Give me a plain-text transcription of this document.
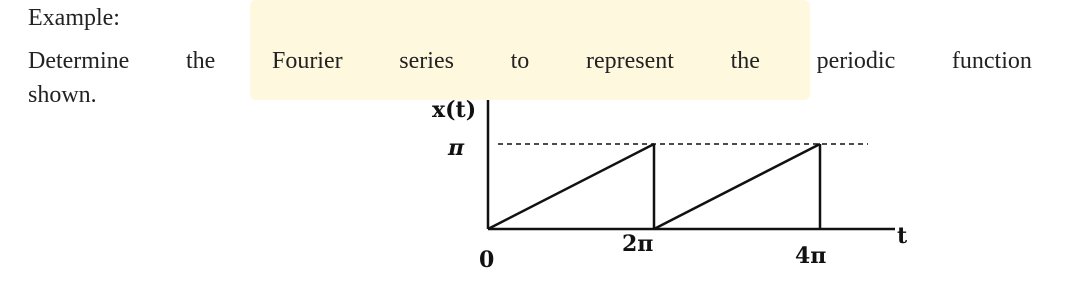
Example:
Determine the Fourier series to represent the periodic function
shown.
x(t)
π
0
2π	4π
t
